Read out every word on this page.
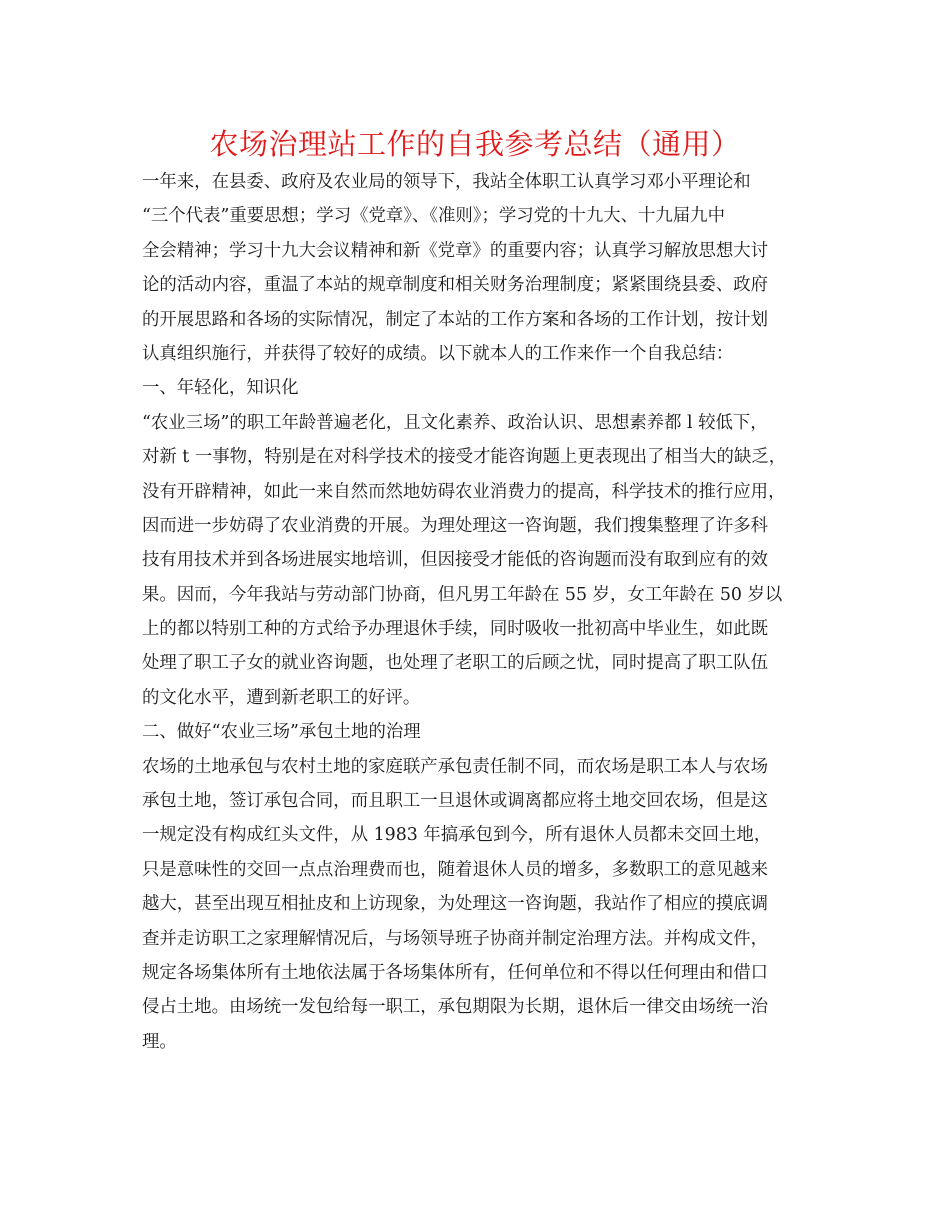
农场治理站工作的自我参考总结（通用）
一年来，在县委、政府及农业局的领导下，我站全体职工认真学习邓小平理论和
“三个代表”重要思想；学习《党章》、《准则》；学习党的十九大、十九届九中
全会精神；学习十九大会议精神和新《党章》的重要内容；认真学习解放思想大讨
论的活动内容，重温了本站的规章制度和相关财务治理制度；紧紧围绕县委、政府
的开展思路和各场的实际情况，制定了本站的工作方案和各场的工作计划，按计划
认真组织施行，并获得了较好的成绩。以下就本人的工作来作一个自我总结：
一、年轻化，知识化
“农业三场”的职工年龄普遍老化，且文化素养、政治认识、思想素养都 l 较低下，
对新 t 一事物，特别是在对科学技术的接受才能咨询题上更表现出了相当大的缺乏，
没有开辟精神，如此一来自然而然地妨碍农业消费力的提高，科学技术的推行应用，
因而进一步妨碍了农业消费的开展。为理处理这一咨询题，我们搜集整理了许多科
技有用技术并到各场进展实地培训，但因接受才能低的咨询题而没有取到应有的效
果。因而，今年我站与劳动部门协商，但凡男工年龄在 55 岁，女工年龄在 50 岁以
上的都以特别工种的方式给予办理退休手续，同时吸收一批初高中毕业生，如此既
处理了职工子女的就业咨询题，也处理了老职工的后顾之忧，同时提高了职工队伍
的文化水平，遭到新老职工的好评。
二、做好“农业三场”承包土地的治理
农场的土地承包与农村土地的家庭联产承包责任制不同，而农场是职工本人与农场
承包土地，签订承包合同，而且职工一旦退休或调离都应将土地交回农场，但是这
一规定没有构成红头文件，从 1983 年搞承包到今，所有退休人员都未交回土地，
只是意味性的交回一点点治理费而也，随着退休人员的增多，多数职工的意见越来
越大，甚至出现互相扯皮和上访现象，为处理这一咨询题，我站作了相应的摸底调
查并走访职工之家理解情况后，与场领导班子协商并制定治理方法。并构成文件，
规定各场集体所有土地依法属于各场集体所有，任何单位和不得以任何理由和借口
侵占土地。由场统一发包给每一职工，承包期限为长期，退休后一律交由场统一治
理。
